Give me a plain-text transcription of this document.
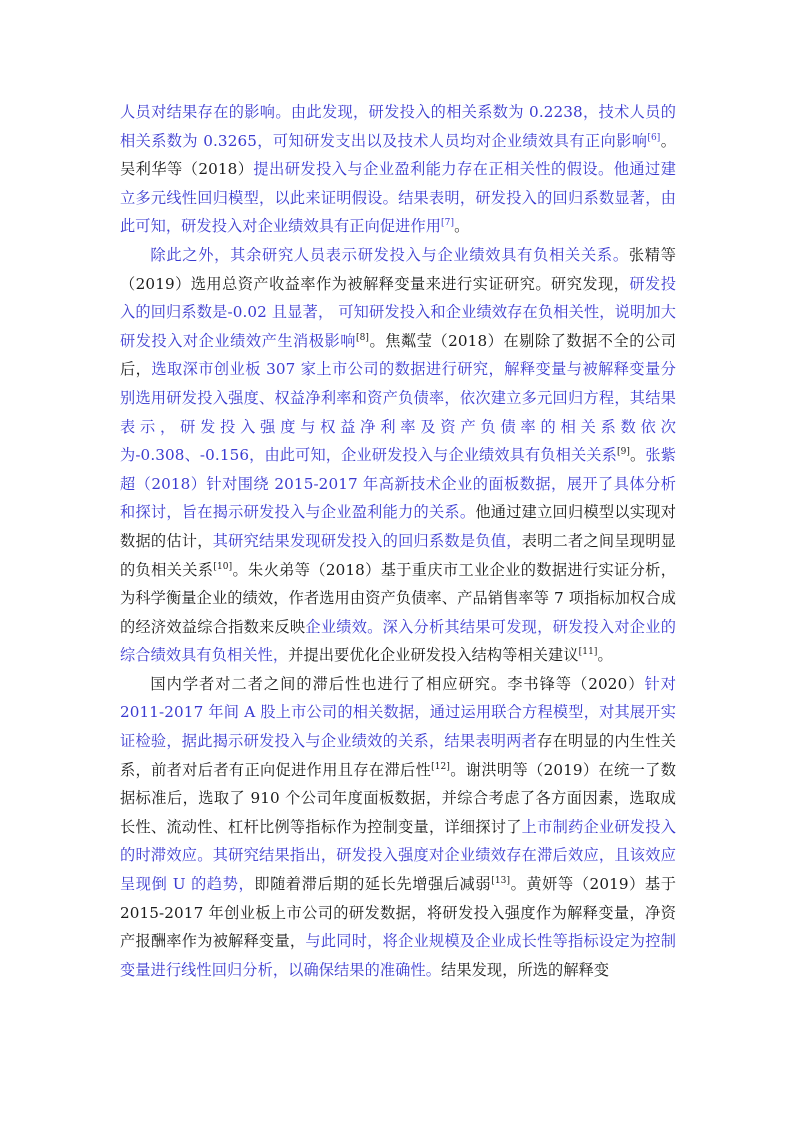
人员对结果存在的影响。由此发现，研发投入的相关系数为 0.2238，技术人员的相关系数为 0.3265，可知研发支出以及技术人员均对企业绩效具有正向影响[6]。吴利华等（2018）提出研发投入与企业盈利能力存在正相关性的假设。他通过建立多元线性回归模型，以此来证明假设。结果表明，研发投入的回归系数显著，由此可知，研发投入对企业绩效具有正向促进作用[7]。

除此之外，其余研究人员表示研发投入与企业绩效具有负相关关系。张精等（2019）选用总资产收益率作为被解释变量来进行实证研究。研究发现，研发投入的回归系数是-0.02 且显著， 可知研发投入和企业绩效存在负相关性，说明加大研发投入对企业绩效产生消极影响[8]。焦粼莹（2018）在剔除了数据不全的公司后，选取深市创业板 307 家上市公司的数据进行研究，解释变量与被解释变量分别选用研发投入强度、权益净利率和资产负债率，依次建立多元回归方程，其结果表示，研发投入强度与权益净利率及资产负债率的相关系数依次为-0.308、-0.156，由此可知，企业研发投入与企业绩效具有负相关关系[9]。张紫超（2018）针对围绕 2015-2017 年高新技术企业的面板数据，展开了具体分析和探讨，旨在揭示研发投入与企业盈利能力的关系。他通过建立回归模型以实现对数据的估计，其研究结果发现研发投入的回归系数是负值，表明二者之间呈现明显的负相关关系[10]。朱火弟等（2018）基于重庆市工业企业的数据进行实证分析，为科学衡量企业的绩效，作者选用由资产负债率、产品销售率等 7 项指标加权合成的经济效益综合指数来反映企业绩效。深入分析其结果可发现，研发投入对企业的综合绩效具有负相关性，并提出要优化企业研发投入结构等相关建议[11]。

国内学者对二者之间的滞后性也进行了相应研究。李书锋等（2020）针对 2011-2017 年间 A 股上市公司的相关数据，通过运用联合方程模型，对其展开实证检验，据此揭示研发投入与企业绩效的关系，结果表明两者存在明显的内生性关系，前者对后者有正向促进作用且存在滞后性[12]。谢洪明等（2019）在统一了数据标准后，选取了 910 个公司年度面板数据，并综合考虑了各方面因素，选取成长性、流动性、杠杆比例等指标作为控制变量，详细探讨了上市制药企业研发投入的时滞效应。其研究结果指出，研发投入强度对企业绩效存在滞后效应，且该效应呈现倒 U 的趋势，即随着滞后期的延长先增强后减弱[13]。黄妍等（2019）基于 2015-2017 年创业板上市公司的研发数据，将研发投入强度作为解释变量，净资产报酬率作为被解释变量，与此同时，将企业规模及企业成长性等指标设定为控制变量进行线性回归分析，以确保结果的准确性。结果发现，所选的解释变
